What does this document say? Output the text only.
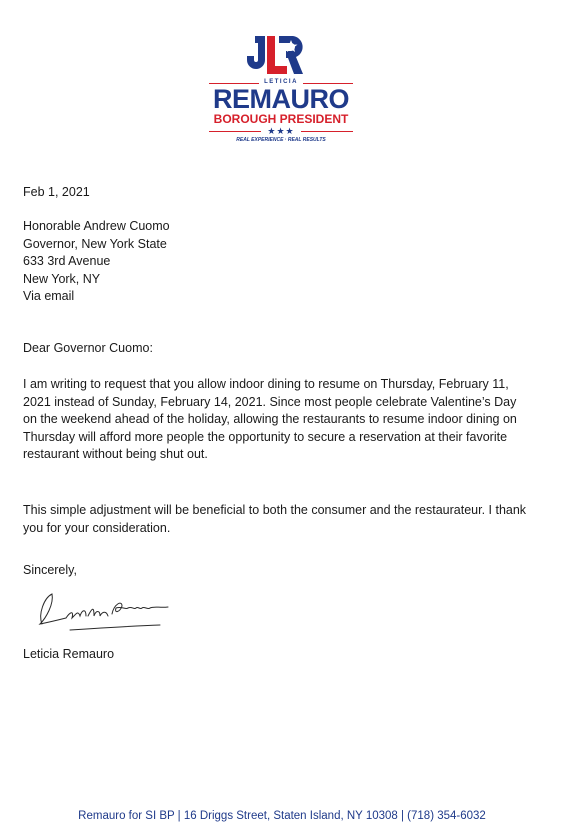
LETICIA
REMAURO
BOROUGH PRESIDENT
★★★
REAL EXPERIENCE · REAL RESULTS
Feb 1, 2021

Honorable Andrew Cuomo

Governor, New York State

633 3rd Avenue

New York, NY

Via email

Dear Governor Cuomo:
I am writing to request that you allow indoor dining to resume on Thursday, February 11, 2021 instead of Sunday, February 14, 2021. Since most people celebrate Valentine’s Day on the weekend ahead of the holiday, allowing the restaurants to resume indoor dining on Thursday will afford more people the opportunity to secure a reservation at their favorite restaurant without being shut out.
This simple adjustment will be beneficial to both the consumer and the restaurateur. I thank you for your consideration.
Sincerely,
Leticia Remauro
Remauro for SI BP | 16 Driggs Street, Staten Island, NY 10308 | (718) 354-6032
